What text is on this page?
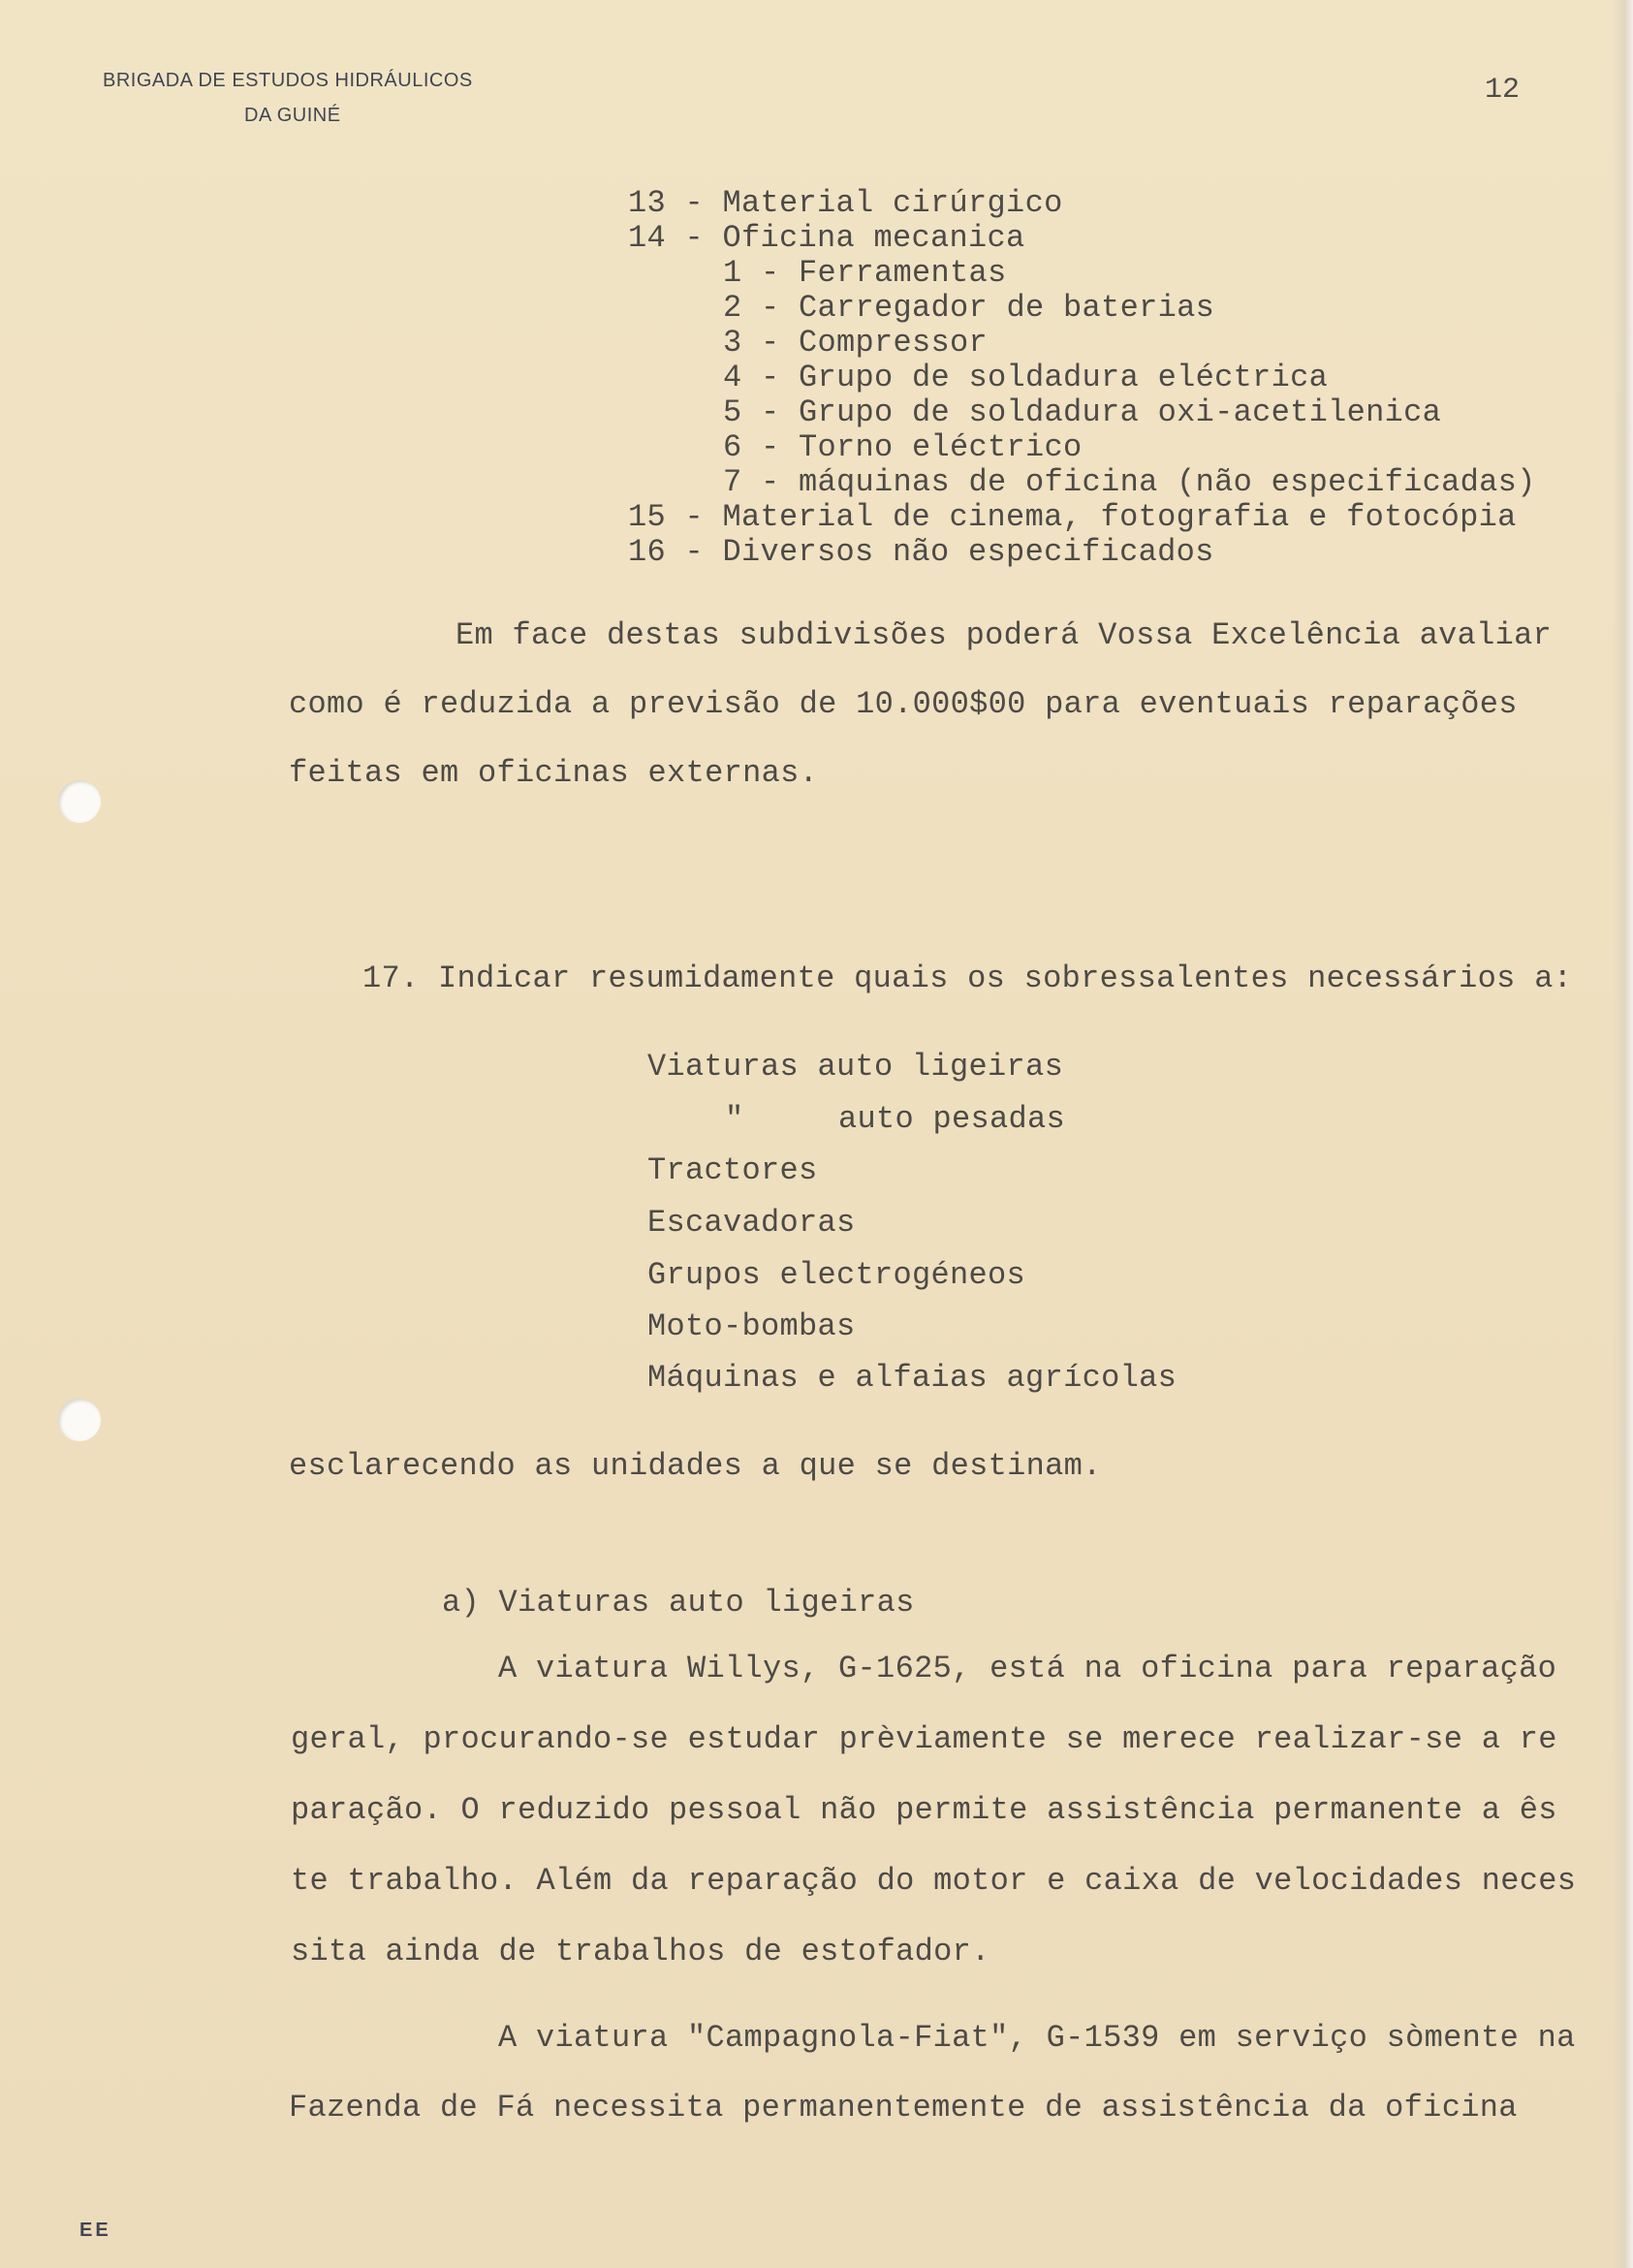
BRIGADA DE ESTUDOS HIDRÁULICOS
DA GUINÉ
12
13 - Material cirúrgico
14 - Oficina mecanica
1 - Ferramentas
2 - Carregador de baterias
3 - Compressor
4 - Grupo de soldadura eléctrica
5 - Grupo de soldadura oxi-acetilenica
6 - Torno eléctrico
7 - máquinas de oficina (não especificadas)
15 - Material de cinema, fotografia e fotocópia
16 - Diversos não especificados
Em face destas subdivisões poderá Vossa Excelência avaliar
como é reduzida a previsão de 10.000$00 para eventuais reparações
feitas em oficinas externas.
17. Indicar resumidamente quais os sobressalentes necessários a:
Viaturas auto ligeiras
"     auto pesadas
Tractores
Escavadoras
Grupos electrogéneos
Moto-bombas
Máquinas e alfaias agrícolas
esclarecendo as unidades a que se destinam.
a) Viaturas auto ligeiras
A viatura Willys, G-1625, está na oficina para reparação
geral, procurando-se estudar prèviamente se merece realizar-se a re
paração. O reduzido pessoal não permite assistência permanente a ês
te trabalho. Além da reparação do motor e caixa de velocidades neces
sita ainda de trabalhos de estofador.
A viatura "Campagnola-Fiat", G-1539 em serviço sòmente na
Fazenda de Fá necessita permanentemente de assistência da oficina
EE
